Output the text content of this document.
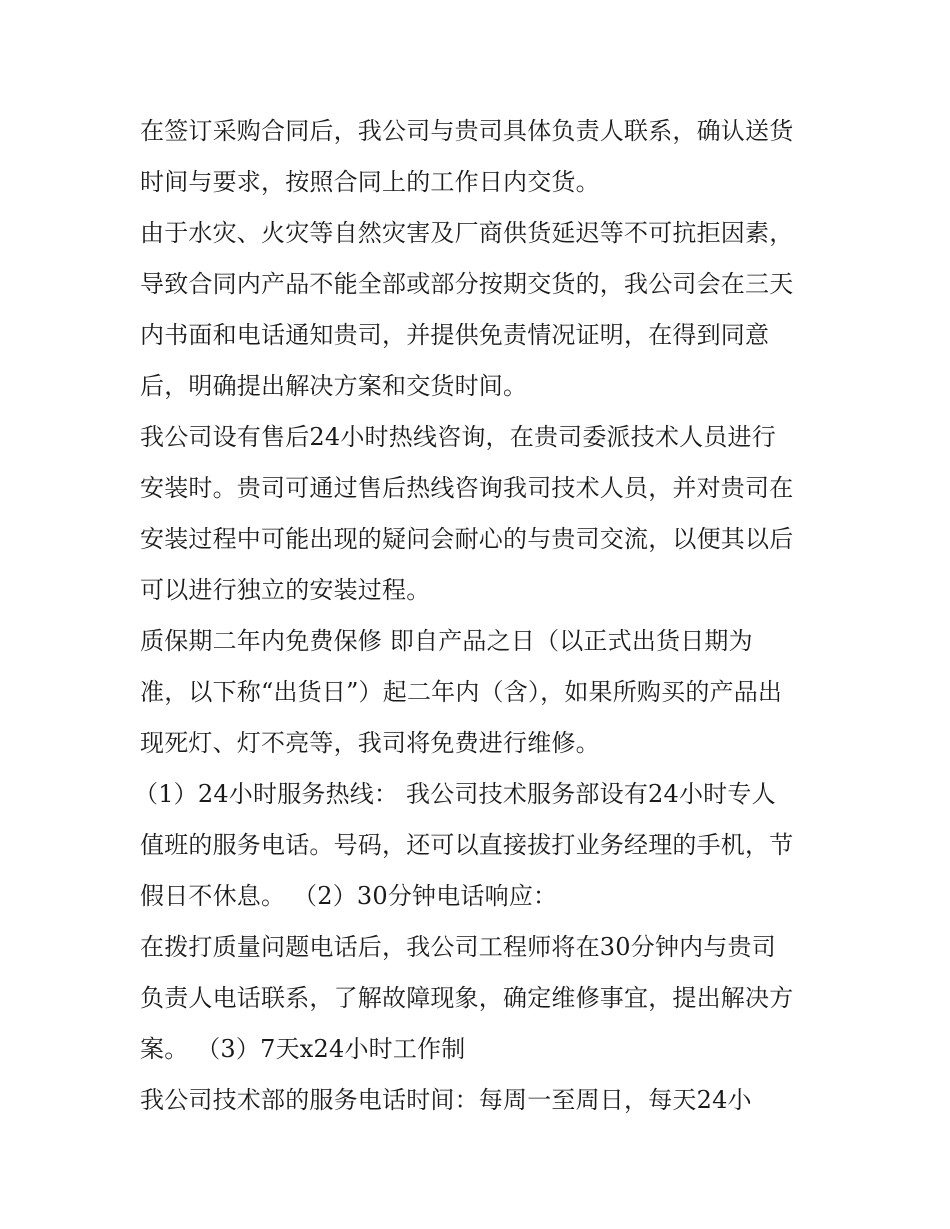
在签订采购合同后，我公司与贵司具体负责人联系，确认送货
时间与要求，按照合同上的工作日内交货。
由于水灾、火灾等自然灾害及厂商供货延迟等不可抗拒因素，
导致合同内产品不能全部或部分按期交货的，我公司会在三天
内书面和电话通知贵司，并提供免责情况证明，在得到同意
后，明确提出解决方案和交货时间。
我公司设有售后24小时热线咨询，在贵司委派技术人员进行
安装时。贵司可通过售后热线咨询我司技术人员，并对贵司在
安装过程中可能出现的疑问会耐心的与贵司交流，以便其以后
可以进行独立的安装过程。
质保期二年内免费保修 即自产品之日（以正式出货日期为
准，以下称“出货日”）起二年内（含），如果所购买的产品出
现死灯、灯不亮等，我司将免费进行维修。
（1）24小时服务热线： 我公司技术服务部设有24小时专人
值班的服务电话。号码，还可以直接拔打业务经理的手机，节
假日不休息。 （2）30分钟电话响应：
在拨打质量问题电话后，我公司工程师将在30分钟内与贵司
负责人电话联系，了解故障现象，确定维修事宜，提出解决方
案。 （3）7天x24小时工作制
我公司技术部的服务电话时间：每周一至周日，每天24小
